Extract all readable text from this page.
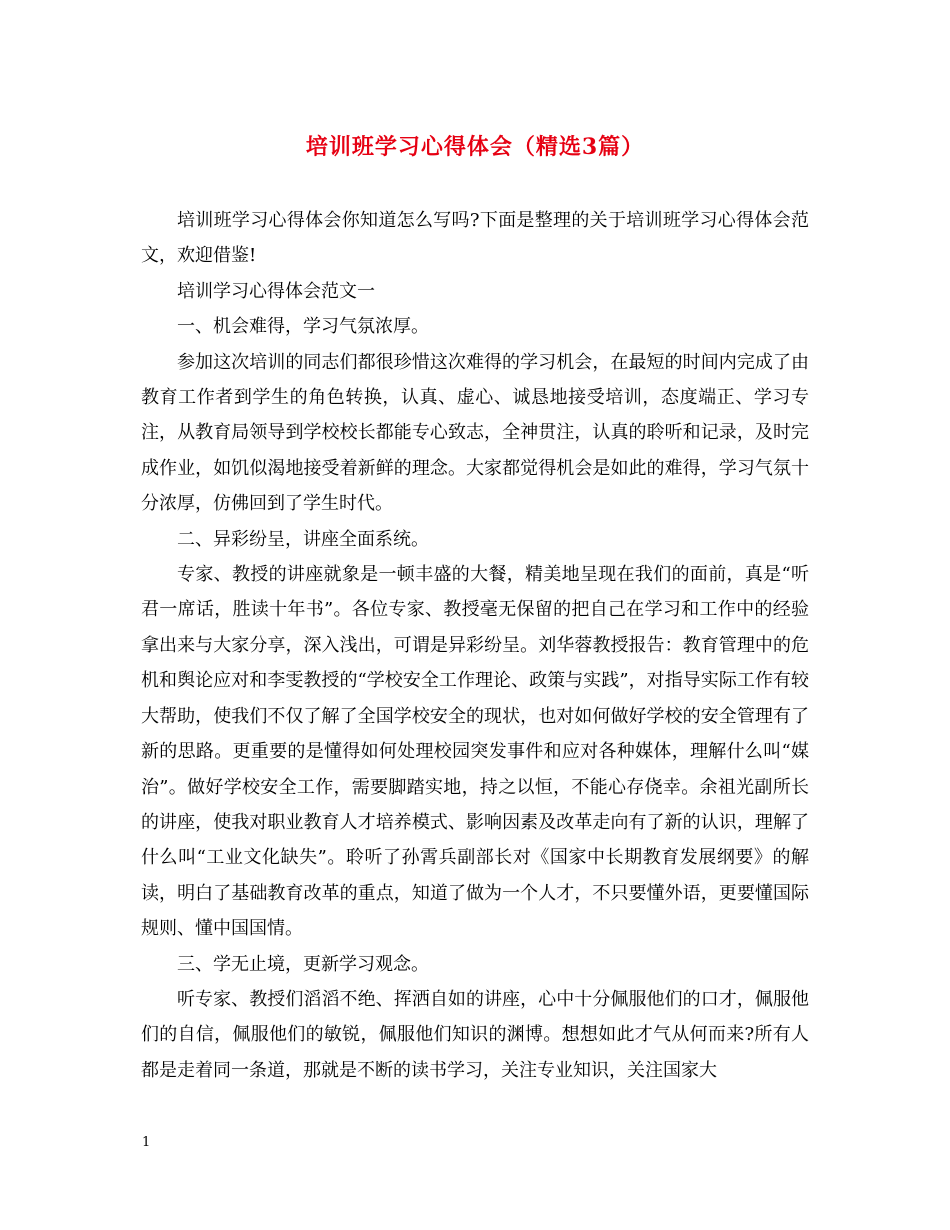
培训班学习心得体会（精选3篇）

培训班学习心得体会你知道怎么写吗?下面是整理的关于培训班学习心得体会范文，欢迎借鉴!

培训学习心得体会范文一

一、机会难得，学习气氛浓厚。

参加这次培训的同志们都很珍惜这次难得的学习机会，在最短的时间内完成了由教育工作者到学生的角色转换，认真、虚心、诚恳地接受培训，态度端正、学习专注，从教育局领导到学校校长都能专心致志，全神贯注，认真的聆听和记录，及时完成作业，如饥似渴地接受着新鲜的理念。大家都觉得机会是如此的难得，学习气氛十分浓厚，仿佛回到了学生时代。

二、异彩纷呈，讲座全面系统。

专家、教授的讲座就象是一顿丰盛的大餐，精美地呈现在我们的面前，真是“听君一席话，胜读十年书”。各位专家、教授毫无保留的把自己在学习和工作中的经验拿出来与大家分享，深入浅出，可谓是异彩纷呈。刘华蓉教授报告：教育管理中的危机和舆论应对和李雯教授的“学校安全工作理论、政策与实践”，对指导实际工作有较大帮助，使我们不仅了解了全国学校安全的现状，也对如何做好学校的安全管理有了新的思路。更重要的是懂得如何处理校园突发事件和应对各种媒体，理解什么叫“媒治”。做好学校安全工作，需要脚踏实地，持之以恒，不能心存侥幸。余祖光副所长的讲座，使我对职业教育人才培养模式、影响因素及改革走向有了新的认识，理解了什么叫“工业文化缺失”。聆听了孙霄兵副部长对《国家中长期教育发展纲要》的解读，明白了基础教育改革的重点，知道了做为一个人才，不只要懂外语，更要懂国际规则、懂中国国情。

三、学无止境，更新学习观念。

听专家、教授们滔滔不绝、挥洒自如的讲座，心中十分佩服他们的口才，佩服他们的自信，佩服他们的敏锐，佩服他们知识的渊博。想想如此才气从何而来?所有人都是走着同一条道，那就是不断的读书学习，关注专业知识，关注国家大

1
